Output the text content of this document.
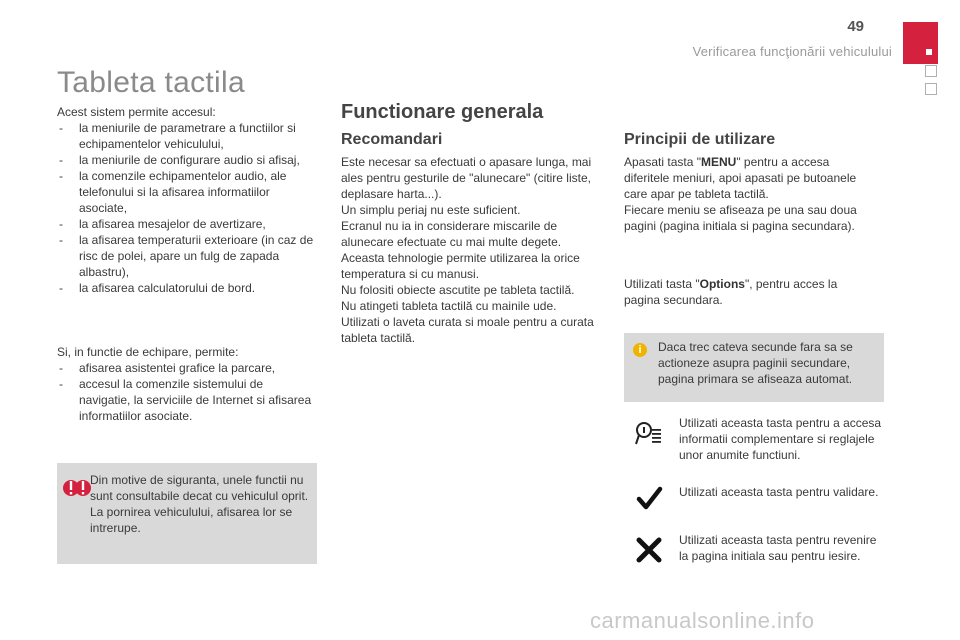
49
Verificarea funcţionării vehiculului
Tableta tactila
Acest sistem permite accesul:
- la meniurile de parametrare a functiilor si echipamentelor vehiculului,
- la meniurile de configurare audio si afisaj,
- la comenzile echipamentelor audio, ale telefonului si la afisarea informatiilor asociate,
- la afisarea mesajelor de avertizare,
- la afisarea temperaturii exterioare (in caz de risc de polei, apare un fulg de zapada albastru),
- la afisarea calculatorului de bord.
Si, in functie de echipare, permite:
- afisarea asistentei grafice la parcare,
- accesul la comenzile sistemului de navigatie, la serviciile de Internet si afisarea informatiilor asociate.
Din motive de siguranta, unele functii nu sunt consultabile decat cu vehiculul oprit. La pornirea vehiculului, afisarea lor se intrerupe.
Functionare generala
Recomandari
Este necesar sa efectuati o apasare lunga, mai ales pentru gesturile de "alunecare" (citire liste, deplasare harta...).
Un simplu periaj nu este suficient.
Ecranul nu ia in considerare miscarile de alunecare efectuate cu mai multe degete.
Aceasta tehnologie permite utilizarea la orice temperatura si cu manusi.
Nu folositi obiecte ascutite pe tableta tactilă.
Nu atingeti tableta tactilă cu mainile ude.
Utilizati o laveta curata si moale pentru a curata tableta tactilă.
Principii de utilizare
Apasati tasta "MENU" pentru a accesa diferitele meniuri, apoi apasati pe butoanele care apar pe tableta tactilă.
Fiecare meniu se afiseaza pe una sau doua pagini (pagina initiala si pagina secundara).
Utilizati tasta "Options", pentru acces la pagina secundara.
i	Daca trec cateva secunde fara sa se actioneze asupra paginii secundare, pagina primara se afiseaza automat.
Utilizati aceasta tasta pentru a accesa informatii complementare si reglajele unor anumite functiuni.
Utilizati aceasta tasta pentru validare.
Utilizati aceasta tasta pentru revenire la pagina initiala sau pentru iesire.
carmanualsonline.info
